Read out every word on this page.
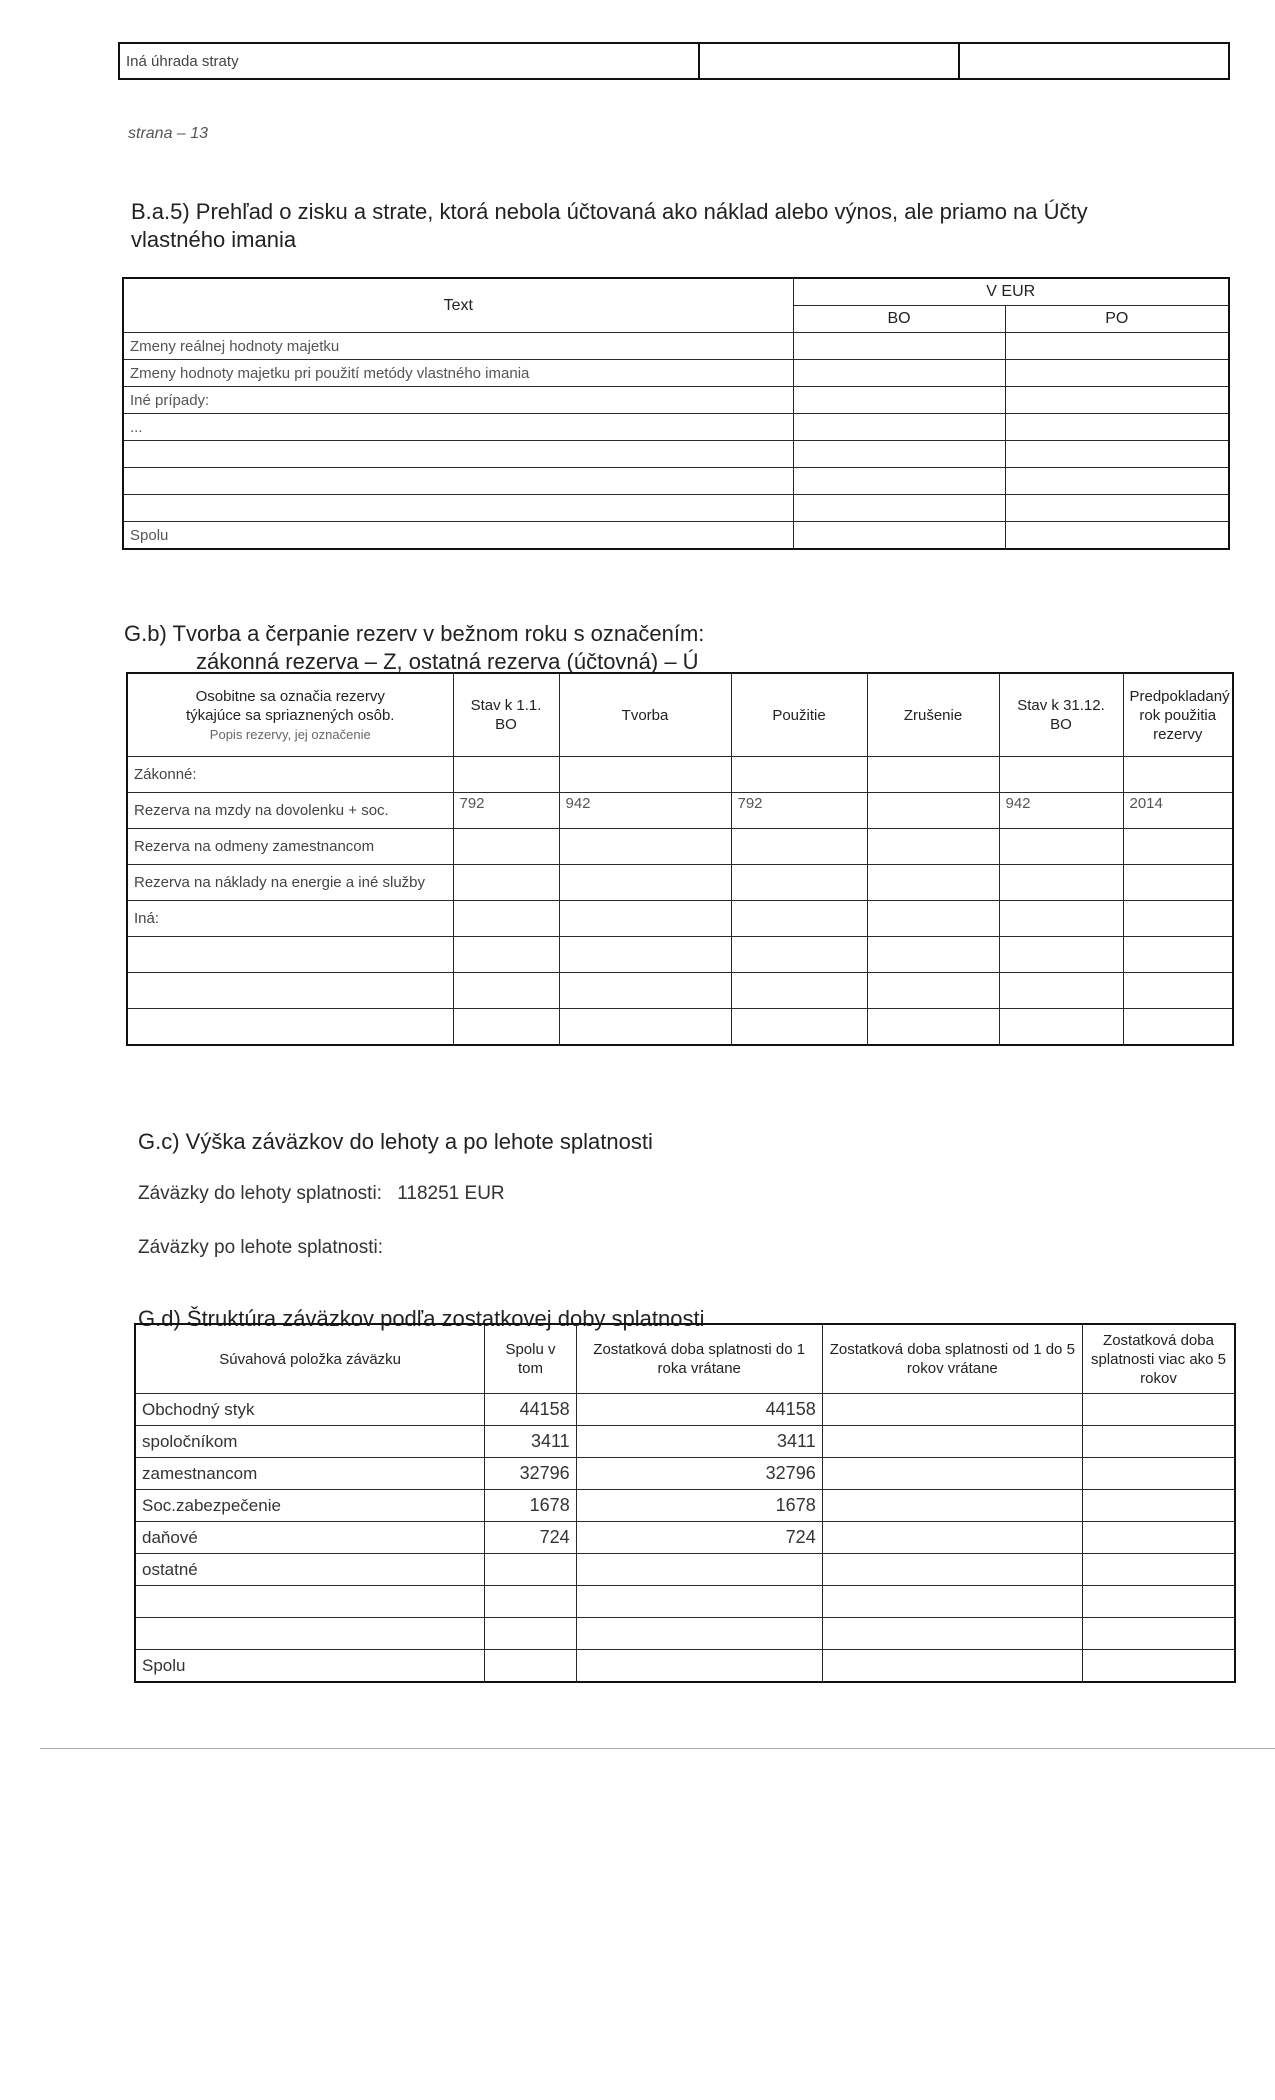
Iná úhrada straty		
strana – 13
B.a.5) Prehľad o zisku a strate, ktorá nebola účtovaná ako náklad alebo výnos, ale priamo na Účty vlastného imania
Text	V EUR	
	BO	PO
Zmeny reálnej hodnoty majetku		
Zmeny hodnoty majetku pri použití metódy vlastného imania		
Iné prípady:		
...		

Spolu		
G.b) Tvorba a čerpanie rezerv v bežnom roku s označením:
zákonná rezerva – Z, ostatná rezerva (účtovná) – Ú
Osobitne sa označia rezervy
týkajúce sa spriaznených osôb.
Popis rezervy, jej označenie	Stav k 1.1. BO	Tvorba	Použitie	Zrušenie	Stav k 31.12. BO	Predpokladaný rok použitia rezervy
Zákonné:						
Rezerva na mzdy na dovolenku + soc.	792	942	792		942	2014
Rezerva na odmeny zamestnancom						
Rezerva na náklady na energie a iné služby						
Iná:						

G.c) Výška záväzkov do lehoty a po lehote splatnosti
Záväzky do lehoty splatnosti: 118251 EUR
Záväzky po lehote splatnosti:
G.d) Štruktúra záväzkov podľa zostatkovej doby splatnosti
Súvahová položka záväzku	Spolu v tom	Zostatková doba splatnosti do 1 roka vrátane	Zostatková doba splatnosti od 1 do 5 rokov vrátane	Zostatková doba splatnosti viac ako 5 rokov
Obchodný styk	44158	44158		
spoločníkom	3411	3411		
zamestnancom	32796	32796		
Soc.zabezpečenie	1678	1678		
daňové	724	724		
ostatné				

Spolu				
